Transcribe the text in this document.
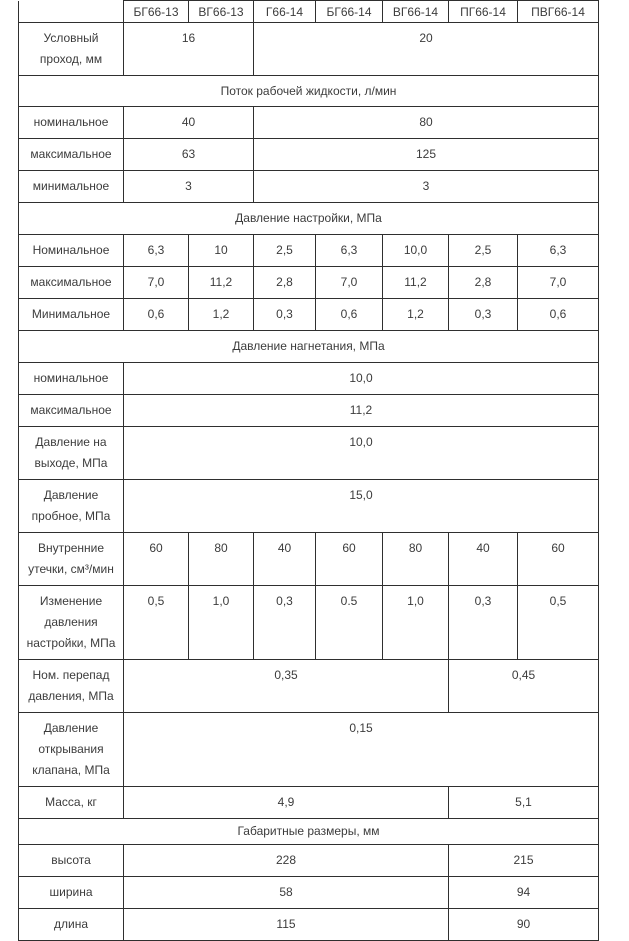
	БГ66-13	ВГ66-13	Г66-14	БГ66-14	ВГ66-14	ПГ66-14	ПВГ66-14
Условный проход, мм	16		20				
Поток рабочей жидкости, л/мин							
номинальное	40		80				
максимальное	63		125				
минимальное	3		3				
Давление настройки, МПа							
Номинальное	6,3	10	2,5	6,3	10,0	2,5	6,3
максимальное	7,0	11,2	2,8	7,0	11,2	2,8	7,0
Минимальное	0,6	1,2	0,3	0,6	1,2	0,3	0,6
Давление нагнетания, МПа							
номинальное	10,0						
максимальное	11,2						
Давление на выходе, МПа	10,0						
Давление пробное, МПа	15,0						
Внутренние утечки, см³/мин	60	80	40	60	80	40	60
Изменение давления настройки, МПа	0,5	1,0	0,3	0.5	1,0	0,3	0,5
Ном. перепад давления, МПа	0,35					0,45	
Давление открывания клапана, МПа	0,15						
Масса, кг	4,9					5,1	
Габаритные размеры, мм							
высота	228					215	
ширина	58					94	
длина	115					90	
